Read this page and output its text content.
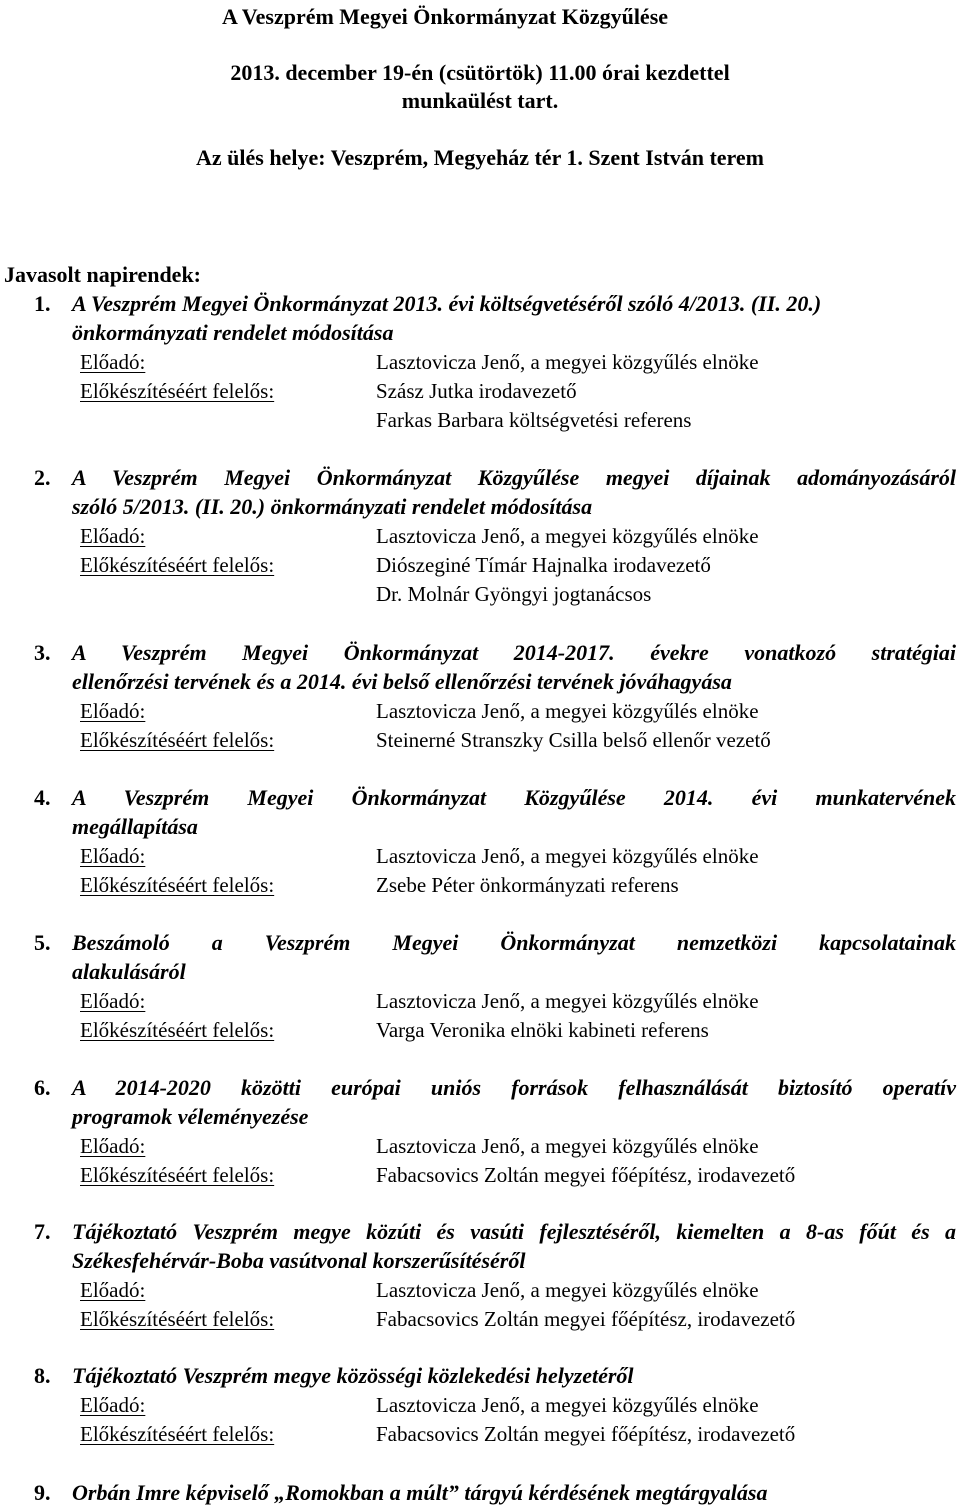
A Veszprém Megyei Önkormányzat Közgyűlése
2013. december 19-én (csütörtök) 11.00 órai kezdettel
munkaülést tart.
Az ülés helye: Veszprém, Megyeház tér 1. Szent István terem
Javasolt napirendek:
1. A Veszprém Megyei Önkormányzat 2013. évi költségvetéséről szóló 4/2013. (II. 20.)
önkormányzati rendelet módosítása
Előadó:	Lasztovicza Jenő, a megyei közgyűlés elnöke
Előkészítéséért felelős:	Szász Jutka irodavezető
Farkas Barbara költségvetési referens
2. A Veszprém Megyei Önkormányzat Közgyűlése megyei díjainak adományozásáról
szóló 5/2013. (II. 20.) önkormányzati rendelet módosítása
Előadó:	Lasztovicza Jenő, a megyei közgyűlés elnöke
Előkészítéséért felelős:	Diószeginé Tímár Hajnalka irodavezető
Dr. Molnár Gyöngyi jogtanácsos
3. A Veszprém Megyei Önkormányzat 2014-2017. évekre vonatkozó stratégiai
ellenőrzési tervének és a 2014. évi belső ellenőrzési tervének jóváhagyása
Előadó:	Lasztovicza Jenő, a megyei közgyűlés elnöke
Előkészítéséért felelős:	Steinerné Stranszky Csilla belső ellenőr vezető
4. A Veszprém Megyei Önkormányzat Közgyűlése 2014. évi munkatervének
megállapítása
Előadó:	Lasztovicza Jenő, a megyei közgyűlés elnöke
Előkészítéséért felelős:	Zsebe Péter önkormányzati referens
5. Beszámoló a Veszprém Megyei Önkormányzat nemzetközi kapcsolatainak
alakulásáról
Előadó:	Lasztovicza Jenő, a megyei közgyűlés elnöke
Előkészítéséért felelős:	Varga Veronika elnöki kabineti referens
6. A 2014-2020 közötti európai uniós források felhasználását biztosító operatív
programok véleményezése
Előadó:	Lasztovicza Jenő, a megyei közgyűlés elnöke
Előkészítéséért felelős:	Fabacsovics Zoltán megyei főépítész, irodavezető
7. Tájékoztató Veszprém megye közúti és vasúti fejlesztéséről, kiemelten a 8-as főút és a
Székesfehérvár-Boba vasútvonal korszerűsítéséről
Előadó:	Lasztovicza Jenő, a megyei közgyűlés elnöke
Előkészítéséért felelős:	Fabacsovics Zoltán megyei főépítész, irodavezető
8. Tájékoztató Veszprém megye közösségi közlekedési helyzetéről
Előadó:	Lasztovicza Jenő, a megyei közgyűlés elnöke
Előkészítéséért felelős:	Fabacsovics Zoltán megyei főépítész, irodavezető
9. Orbán Imre képviselő „Romokban a múlt” tárgyú kérdésének megtárgyalása
